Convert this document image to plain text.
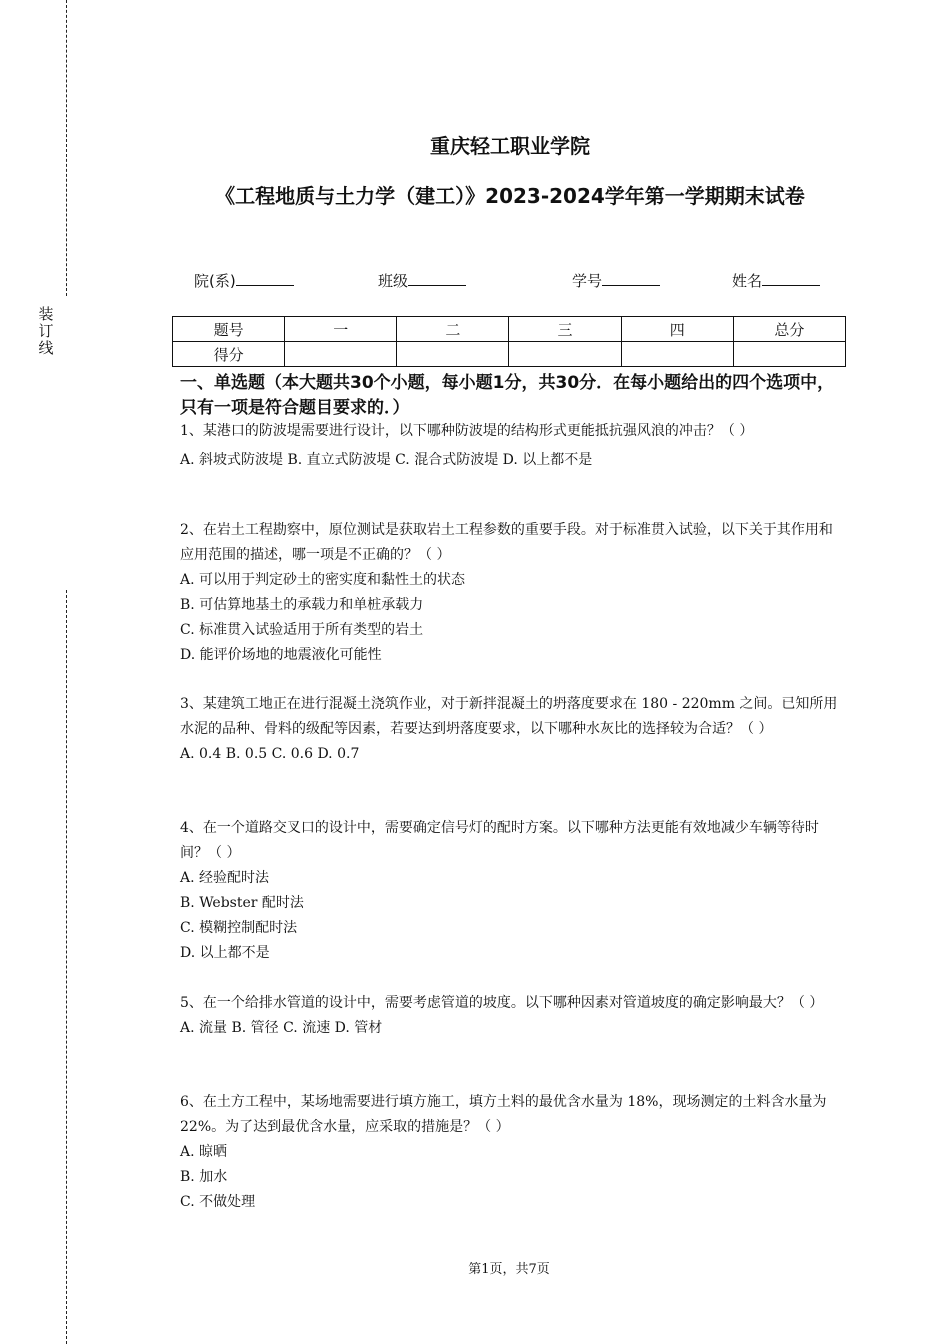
装
订
线
重庆轻工职业学院
《工程地质与土力学（建工）》2023-2024学年第一学期期末试卷
院(系)	班级	学号	姓名
题号	一	二	三	四	总分
得分					
一、单选题（本大题共30个小题，每小题1分，共30分．在每小题给出的四个选项中，只有一项是符合题目要求的．）
1、某港口的防波堤需要进行设计，以下哪种防波堤的结构形式更能抵抗强风浪的冲击？（ ）
A. 斜坡式防波堤 B. 直立式防波堤 C. 混合式防波堤 D. 以上都不是
2、在岩土工程勘察中，原位测试是获取岩土工程参数的重要手段。对于标准贯入试验，以下关于其作用和应用范围的描述，哪一项是不正确的？（ ）
A. 可以用于判定砂土的密实度和黏性土的状态
B. 可估算地基土的承载力和单桩承载力
C. 标准贯入试验适用于所有类型的岩土
D. 能评价场地的地震液化可能性
3、某建筑工地正在进行混凝土浇筑作业，对于新拌混凝土的坍落度要求在 180 - 220mm 之间。已知所用水泥的品种、骨料的级配等因素，若要达到坍落度要求，以下哪种水灰比的选择较为合适？（ ）
A. 0.4 B. 0.5 C. 0.6 D. 0.7
4、在一个道路交叉口的设计中，需要确定信号灯的配时方案。以下哪种方法更能有效地减少车辆等待时间？（ ）
A. 经验配时法
B. Webster 配时法
C. 模糊控制配时法
D. 以上都不是
5、在一个给排水管道的设计中，需要考虑管道的坡度。以下哪种因素对管道坡度的确定影响最大？（ ）
A. 流量 B. 管径 C. 流速 D. 管材
6、在土方工程中，某场地需要进行填方施工，填方土料的最优含水量为 18%，现场测定的土料含水量为 22%。为了达到最优含水量，应采取的措施是？（ ）
A. 晾晒
B. 加水
C. 不做处理
第1页，共7页
